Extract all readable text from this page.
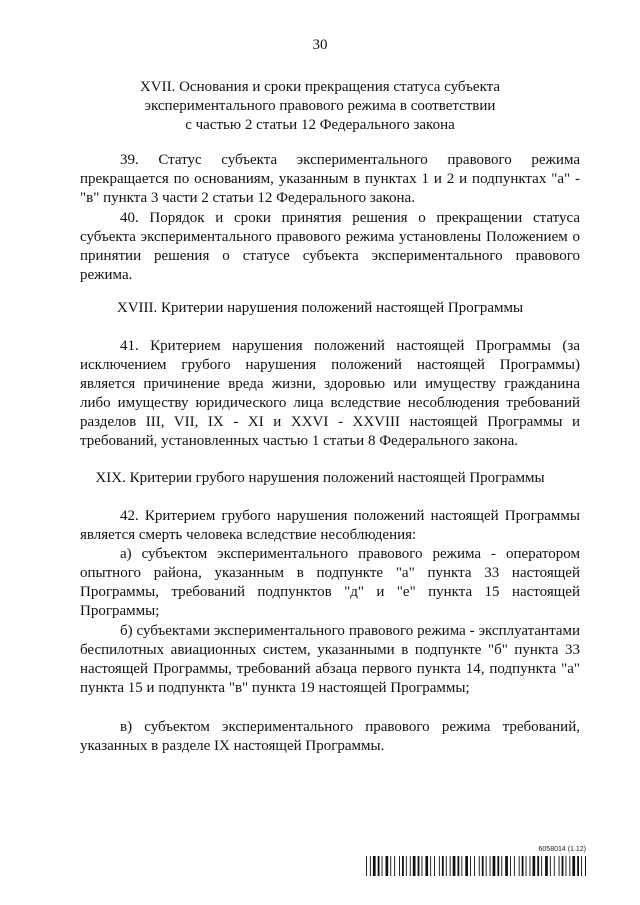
30
XVII. Основания и сроки прекращения статуса субъекта
экспериментального правового режима в соответствии
с частью 2 статьи 12 Федерального закона
39. Статус субъекта экспериментального правового режима прекращается по основаниям, указанным в пунктах 1 и 2 и подпунктах "а" - "в" пункта 3 части 2 статьи 12 Федерального закона.
40. Порядок и сроки принятия решения о прекращении статуса субъекта экспериментального правового режима установлены Положением о принятии решения о статусе субъекта экспериментального правового режима.
XVIII. Критерии нарушения положений настоящей Программы
41. Критерием нарушения положений настоящей Программы (за исключением грубого нарушения положений настоящей Программы) является причинение вреда жизни, здоровью или имуществу гражданина либо имуществу юридического лица вследствие несоблюдения требований разделов III, VII, IX - XI и XXVI - XXVIII настоящей Программы и требований, установленных частью 1 статьи 8 Федерального закона.
XIX. Критерии грубого нарушения положений настоящей Программы
42. Критерием грубого нарушения положений настоящей Программы является смерть человека вследствие несоблюдения:
а) субъектом экспериментального правового режима - оператором опытного района, указанным в подпункте "а" пункта 33 настоящей Программы, требований подпунктов "д" и "е" пункта 15 настоящей Программы;
б) субъектами экспериментального правового режима - эксплуатантами беспилотных авиационных систем, указанными в подпункте "б" пункта 33 настоящей Программы, требований абзаца первого пункта 14, подпункта "а" пункта 15 и подпункта "в" пункта 19 настоящей Программы;
в) субъектом экспериментального правового режима требований, указанных в разделе IX настоящей Программы.
6058014 (1.12)
